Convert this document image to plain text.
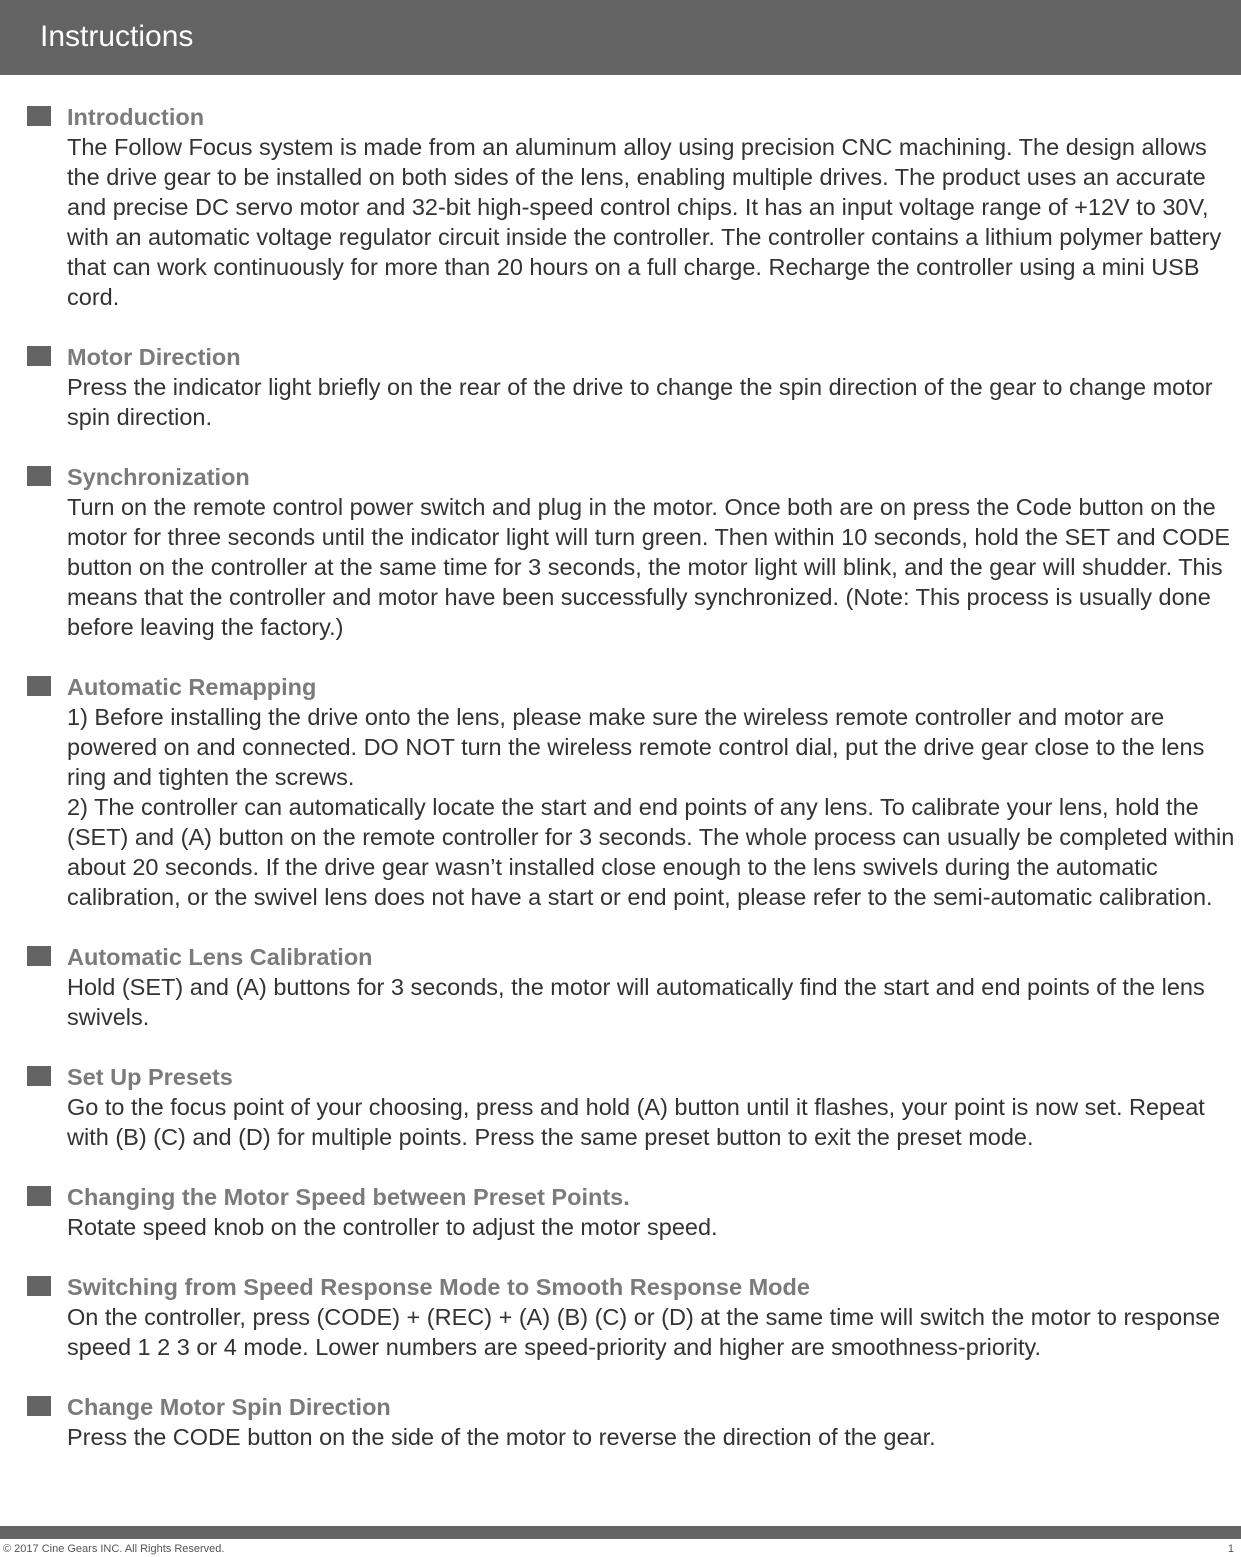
Instructions
Introduction
The Follow Focus system is made from an aluminum alloy using precision CNC machining. The design allows the drive gear to be installed on both sides of the lens, enabling multiple drives. The product uses an accurate and precise DC servo motor and 32-bit high-speed control chips. It has an input voltage range of +12V to 30V, with an automatic voltage regulator circuit inside the controller. The controller contains a lithium polymer battery that can work continuously for more than 20 hours on a full charge. Recharge the controller using a mini USB cord.
Motor Direction
Press the indicator light briefly on the rear of the drive to change the spin direction of the gear to change motor spin direction.
Synchronization
Turn on the remote control power switch and plug in the motor. Once both are on press the Code button on the motor for three seconds until the indicator light will turn green. Then within 10 seconds, hold the SET and CODE button on the controller at the same time for 3 seconds, the motor light will blink, and the gear will shudder. This means that the controller and motor have been successfully synchronized. (Note: This process is usually done before leaving the factory.)
Automatic Remapping
1) Before installing the drive onto the lens, please make sure the wireless remote controller and motor are powered on and connected. DO NOT turn the wireless remote control dial, put the drive gear close to the lens ring and tighten the screws.
2) The controller can automatically locate the start and end points of any lens. To calibrate your lens, hold the (SET) and (A) button on the remote controller for 3 seconds. The whole process can usually be completed within about 20 seconds. If the drive gear wasn’t installed close enough to the lens swivels during the automatic calibration, or the swivel lens does not have a start or end point, please refer to the semi-automatic calibration.
Automatic Lens Calibration
Hold (SET) and (A) buttons for 3 seconds, the motor will automatically find the start and end points of the lens swivels.
Set Up Presets
Go to the focus point of your choosing, press and hold (A) button until it flashes, your point is now set. Repeat with (B) (C) and (D) for multiple points. Press the same preset button to exit the preset mode.
Changing the Motor Speed between Preset Points.
Rotate speed knob on the controller to adjust the motor speed.
Switching from Speed Response Mode to Smooth Response Mode
On the controller, press (CODE) + (REC) + (A) (B) (C) or (D) at the same time will switch the motor to response speed 1 2 3 or 4 mode. Lower numbers are speed-priority and higher are smoothness-priority.
Change Motor Spin Direction
Press the CODE button on the side of the motor to reverse the direction of the gear.
© 2017 Cine Gears INC. All Rights Reserved.	1
